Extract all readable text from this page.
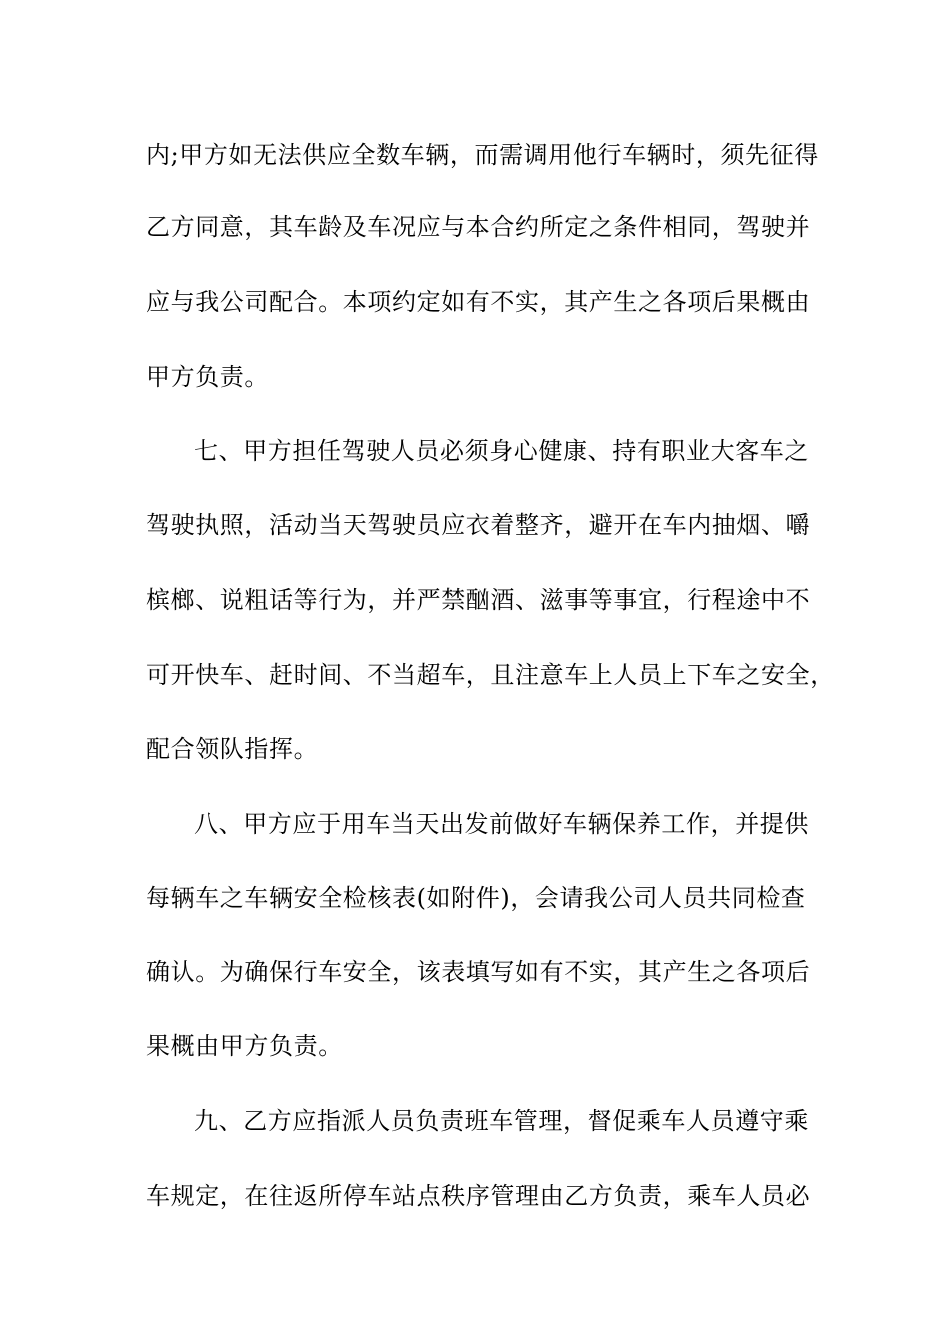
内;甲方如无法供应全数车辆，而需调用他行车辆时，须先征得
乙方同意，其车龄及车况应与本合约所定之条件相同，驾驶并
应与我公司配合。本项约定如有不实，其产生之各项后果概由
甲方负责。
七、甲方担任驾驶人员必须身心健康、持有职业大客车之
驾驶执照，活动当天驾驶员应衣着整齐，避开在车内抽烟、嚼
槟榔、说粗话等行为，并严禁酗酒、滋事等事宜，行程途中不
可开快车、赶时间、不当超车，且注意车上人员上下车之安全，
配合领队指挥。
八、甲方应于用车当天出发前做好车辆保养工作，并提供
每辆车之车辆安全检核表(如附件)，会请我公司人员共同检查
确认。为确保行车安全，该表填写如有不实，其产生之各项后
果概由甲方负责。
九、乙方应指派人员负责班车管理，督促乘车人员遵守乘
车规定，在往返所停车站点秩序管理由乙方负责，乘车人员必
